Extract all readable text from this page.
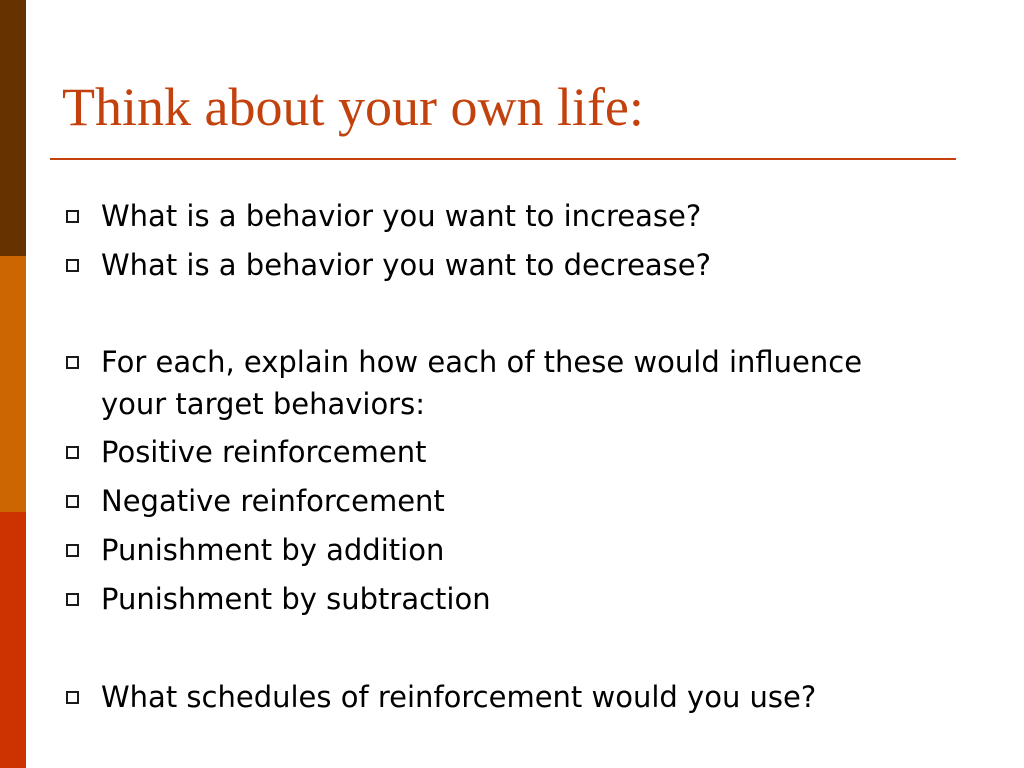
Think about your own life:
What is a behavior you want to increase?
What is a behavior you want to decrease?
For each, explain how each of these would influence your target behaviors:
Positive reinforcement
Negative reinforcement
Punishment by addition
Punishment by subtraction
What schedules of reinforcement would you use?
